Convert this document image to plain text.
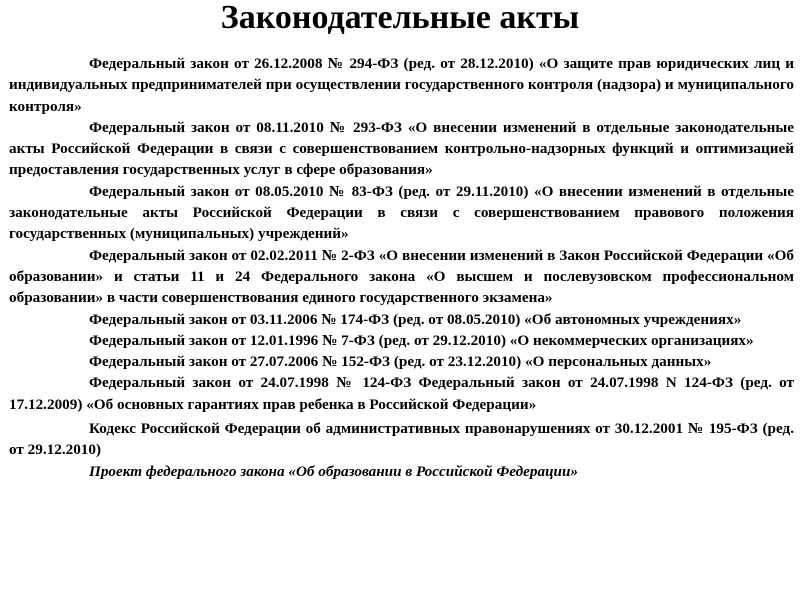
Законодательные акты

Федеральный закон от 26.12.2008 № 294-ФЗ (ред. от 28.12.2010) «О защите прав юридических лиц и индивидуальных предпринимателей при осуществлении государственного контроля (надзора) и муниципального контроля»

Федеральный закон от 08.11.2010 № 293-ФЗ «О внесении изменений в отдельные законодательные акты Российской Федерации в связи с совершенствованием контрольно-надзорных функций и оптимизацией предоставления государственных услуг в сфере образования»

Федеральный закон от 08.05.2010 № 83-ФЗ (ред. от 29.11.2010) «О внесении изменений в отдельные законодательные акты Российской Федерации в связи с совершенствованием правового положения государственных (муниципальных) учреждений»

Федеральный закон от 02.02.2011 № 2-ФЗ «О внесении изменений в Закон Российской Федерации «Об образовании» и статьи 11 и 24 Федерального закона «О высшем и послевузовском профессиональном образовании» в части совершенствования единого государственного экзамена»

Федеральный закон от 03.11.2006 № 174-ФЗ (ред. от 08.05.2010) «Об автономных учреждениях»

Федеральный закон от 12.01.1996 № 7-ФЗ (ред. от 29.12.2010) «О некоммерческих организациях»

Федеральный закон от 27.07.2006 № 152-ФЗ (ред. от 23.12.2010) «О персональных данных»

Федеральный закон от 24.07.1998 № 124-ФЗ Федеральный закон от 24.07.1998 N 124-ФЗ (ред. от 17.12.2009) «Об основных гарантиях прав ребенка в Российской Федерации»

Кодекс Российской Федерации об административных правонарушениях от 30.12.2001 № 195-ФЗ (ред. от 29.12.2010)

Проект федерального закона «Об образовании в Российской Федерации»
